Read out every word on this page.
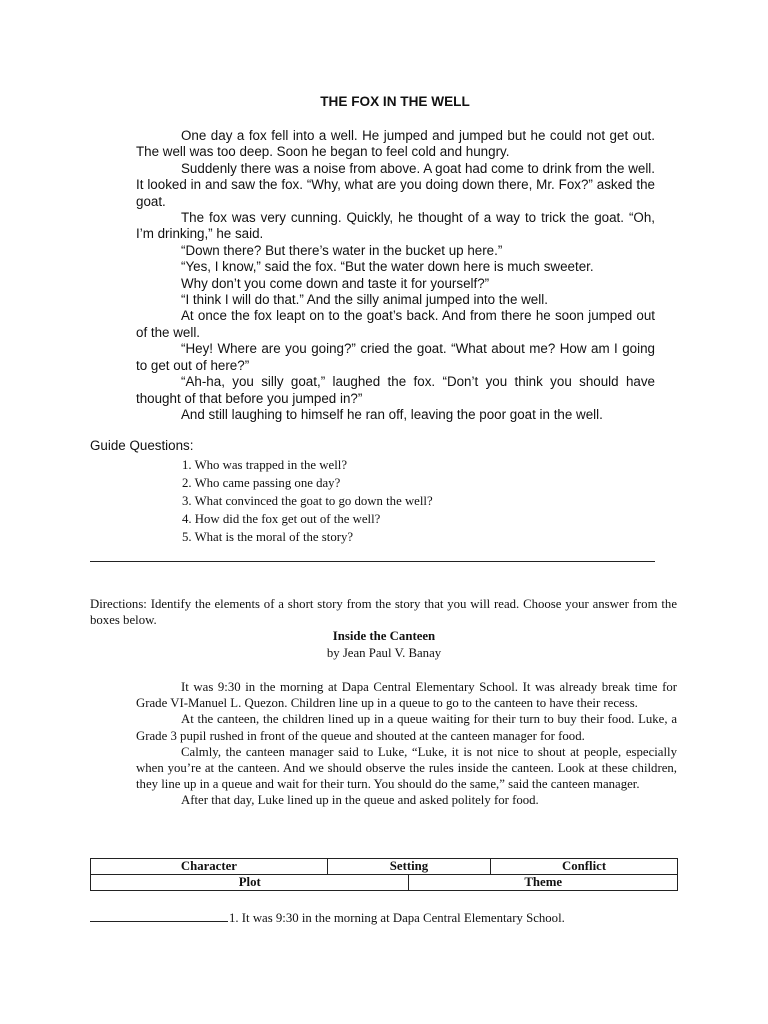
THE FOX IN THE WELL

One day a fox fell into a well. He jumped and jumped but he could not get out. The well was too deep. Soon he began to feel cold and hungry.

Suddenly there was a noise from above. A goat had come to drink from the well. It looked in and saw the fox. “Why, what are you doing down there, Mr. Fox?” asked the goat.

The fox was very cunning. Quickly, he thought of a way to trick the goat. “Oh, I’m drinking,” he said.

“Down there? But there’s water in the bucket up here.”

“Yes, I know,” said the fox. “But the water down here is much sweeter.

Why don’t you come down and taste it for yourself?”

“I think I will do that.” And the silly animal jumped into the well.

At once the fox leapt on to the goat’s back. And from there he soon jumped out of the well.

“Hey! Where are you going?” cried the goat. “What about me? How am I going to get out of here?”

“Ah-ha, you silly goat,” laughed the fox. “Don’t you think you should have thought of that before you jumped in?”

And still laughing to himself he ran off, leaving the poor goat in the well.

Guide Questions:
1. Who was trapped in the well?
2. Who came passing one day?
3. What convinced the goat to go down the well?
4. How did the fox get out of the well?
5. What is the moral of the story?
Directions: Identify the elements of a short story from the story that you will read. Choose your answer from the boxes below.
Inside the Canteen
by Jean Paul V. Banay

It was 9:30 in the morning at Dapa Central Elementary School. It was already break time for Grade VI-Manuel L. Quezon. Children line up in a queue to go to the canteen to have their recess.

At the canteen, the children lined up in a queue waiting for their turn to buy their food. Luke, a Grade 3 pupil rushed in front of the queue and shouted at the canteen manager for food.

Calmly, the canteen manager said to Luke, “Luke, it is not nice to shout at people, especially when you’re at the canteen. And we should observe the rules inside the canteen. Look at these children, they line up in a queue and wait for their turn. You should do the same,” said the canteen manager.

After that day, Luke lined up in the queue and asked politely for food.

Character	Setting		Conflict
Plot		Theme	
1. It was 9:30 in the morning at Dapa Central Elementary School.
